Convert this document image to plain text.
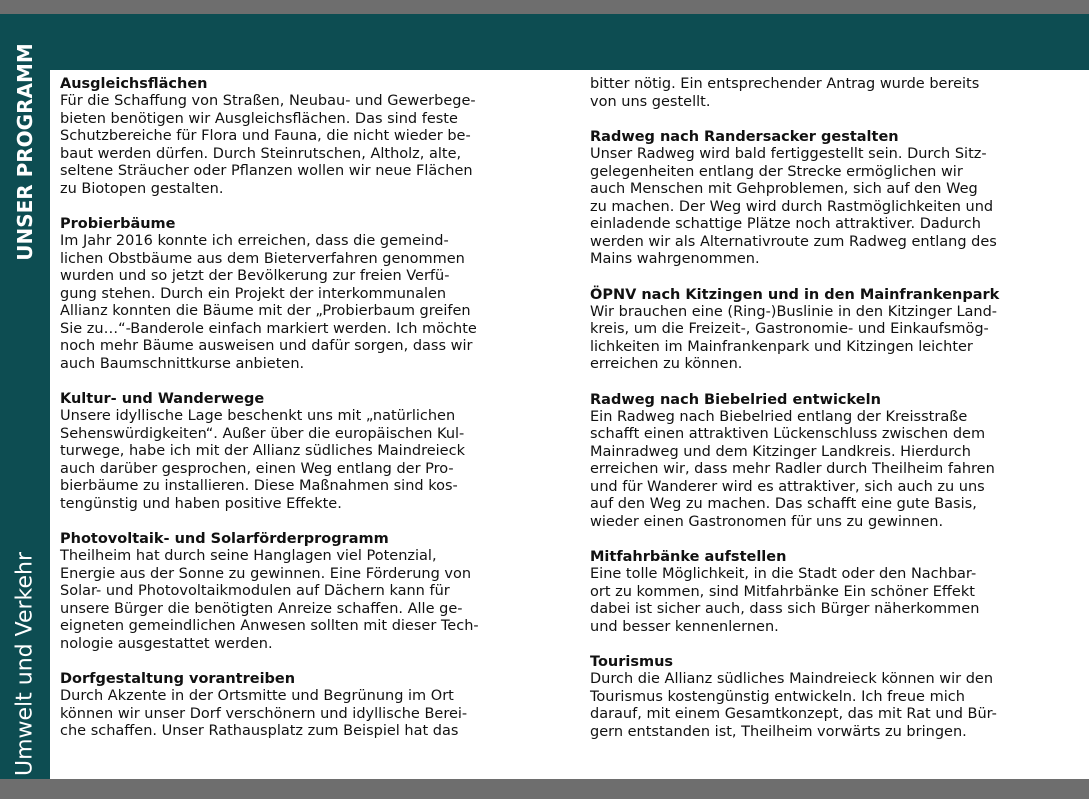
UNSER PROGRAMM
Umwelt und Verkehr
Ausgleichsflächen

Für die Schaffung von Straßen, Neubau- und Gewerbege-
bieten benötigen wir Ausgleichsflächen. Das sind feste
Schutzbereiche für Flora und Fauna, die nicht wieder be-
baut werden dürfen. Durch Steinrutschen, Altholz, alte,
seltene Sträucher oder Pflanzen wollen wir neue Flächen
zu Biotopen gestalten.

Probierbäume

Im Jahr 2016 konnte ich erreichen, dass die gemeind-
lichen Obstbäume aus dem Bieterverfahren genommen
wurden und so jetzt der Bevölkerung zur freien Verfü-
gung stehen. Durch ein Projekt der interkommunalen
Allianz konnten die Bäume mit der „Probierbaum greifen
Sie zu…“-Banderole einfach markiert werden. Ich möchte
noch mehr Bäume ausweisen und dafür sorgen, dass wir
auch Baumschnittkurse anbieten.

Kultur- und Wanderwege

Unsere idyllische Lage beschenkt uns mit „natürlichen
Sehenswürdigkeiten“. Außer über die europäischen Kul-
turwege, habe ich mit der Allianz südliches Maindreieck
auch darüber gesprochen, einen Weg entlang der Pro-
bierbäume zu installieren. Diese Maßnahmen sind kos-
tengünstig und haben positive Effekte.

Photovoltaik- und Solarförderprogramm

Theilheim hat durch seine Hanglagen viel Potenzial,
Energie aus der Sonne zu gewinnen. Eine Förderung von
Solar- und Photovoltaikmodulen auf Dächern kann für
unsere Bürger die benötigten Anreize schaffen. Alle ge-
eigneten gemeindlichen Anwesen sollten mit dieser Tech-
nologie ausgestattet werden.

Dorfgestaltung vorantreiben

Durch Akzente in der Ortsmitte und Begrünung im Ort
können wir unser Dorf verschönern und idyllische Berei-
che schaffen. Unser Rathausplatz zum Beispiel hat das

bitter nötig. Ein entsprechender Antrag wurde bereits
von uns gestellt.
Radweg nach Randersacker gestalten

Unser Radweg wird bald fertiggestellt sein. Durch Sitz-
gelegenheiten entlang der Strecke ermöglichen wir
auch Menschen mit Gehproblemen, sich auf den Weg
zu machen. Der Weg wird durch Rastmöglichkeiten und
einladende schattige Plätze noch attraktiver. Dadurch
werden wir als Alternativroute zum Radweg entlang des
Mains wahrgenommen.

ÖPNV nach Kitzingen und in den Mainfrankenpark

Wir brauchen eine (Ring-)Buslinie in den Kitzinger Land-
kreis, um die Freizeit-, Gastronomie- und Einkaufsmög-
lichkeiten im Mainfrankenpark und Kitzingen leichter
erreichen zu können.

Radweg nach Biebelried entwickeln

Ein Radweg nach Biebelried entlang der Kreisstraße
schafft einen attraktiven Lückenschluss zwischen dem
Mainradweg und dem Kitzinger Landkreis. Hierdurch
erreichen wir, dass mehr Radler durch Theilheim fahren
und für Wanderer wird es attraktiver, sich auch zu uns
auf den Weg zu machen. Das schafft eine gute Basis,
wieder einen Gastronomen für uns zu gewinnen.

Mitfahrbänke aufstellen

Eine tolle Möglichkeit, in die Stadt oder den Nachbar-
ort zu kommen, sind Mitfahrbänke Ein schöner Effekt
dabei ist sicher auch, dass sich Bürger näherkommen
und besser kennenlernen.

Tourismus

Durch die Allianz südliches Maindreieck können wir den
Tourismus kostengünstig entwickeln. Ich freue mich
darauf, mit einem Gesamtkonzept, das mit Rat und Bür-
gern entstanden ist, Theilheim vorwärts zu bringen.
